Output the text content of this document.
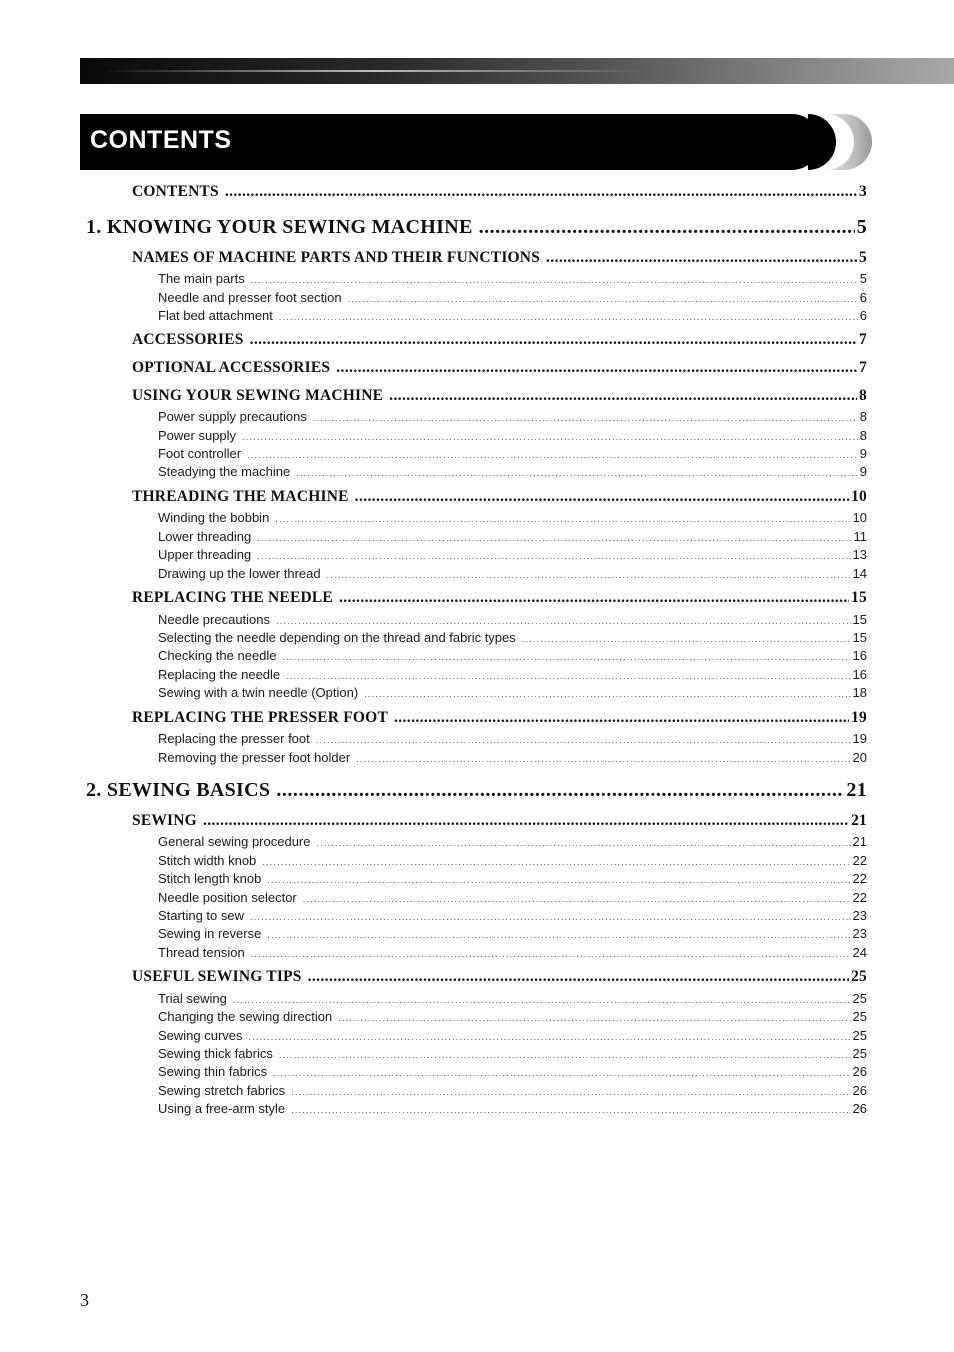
CONTENTS
CONTENTS .....	3
1. KNOWING YOUR SEWING MACHINE .....	5
NAMES OF MACHINE PARTS AND THEIR FUNCTIONS .....	5
The main parts .....	5
Needle and presser foot section .....	6
Flat bed attachment .....	6
ACCESSORIES .....	7
OPTIONAL ACCESSORIES .....	7
USING YOUR SEWING MACHINE .....	8
Power supply precautions .....	8
Power supply .....	8
Foot controller .....	9
Steadying the machine .....	9
THREADING THE MACHINE .....	10
Winding the bobbin .....	10
Lower threading .....	11
Upper threading .....	13
Drawing up the lower thread .....	14
REPLACING THE NEEDLE .....	15
Needle precautions .....	15
Selecting the needle depending on the thread and fabric types .....	15
Checking the needle .....	16
Replacing the needle .....	16
Sewing with a twin needle (Option) .....	18
REPLACING THE PRESSER FOOT .....	19
Replacing the presser foot .....	19
Removing the presser foot holder .....	20
2. SEWING BASICS .....	21
SEWING .....	21
General sewing procedure .....	21
Stitch width knob .....	22
Stitch length knob .....	22
Needle position selector .....	22
Starting to sew .....	23
Sewing in reverse .....	23
Thread tension .....	24
USEFUL SEWING TIPS .....	25
Trial sewing .....	25
Changing the sewing direction .....	25
Sewing curves .....	25
Sewing thick fabrics .....	25
Sewing thin fabrics .....	26
Sewing stretch fabrics .....	26
Using a free-arm style .....	26
3
